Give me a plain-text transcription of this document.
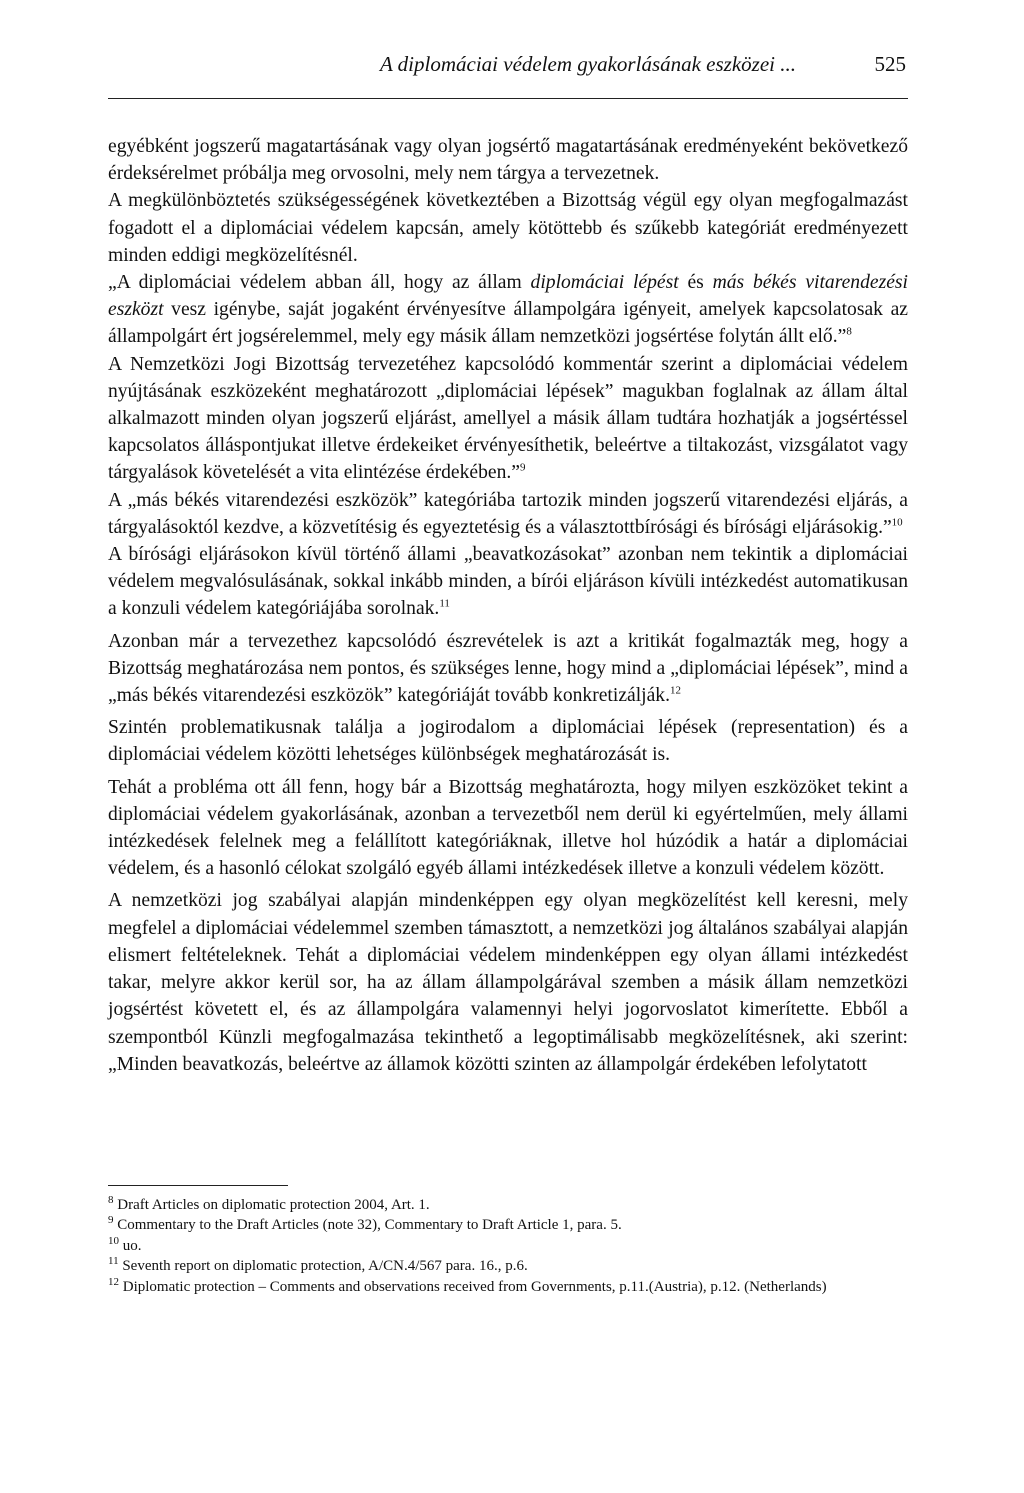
A diplomáciai védelem gyakorlásának eszközei ...	525

egyébként jogszerű magatartásának vagy olyan jogsértő magatartásának eredményeként bekövetkező érdeksérelmet próbálja meg orvosolni, mely nem tárgya a tervezetnek.

A megkülönböztetés szükségességének következtében a Bizottság végül egy olyan megfogalmazást fogadott el a diplomáciai védelem kapcsán, amely kötöttebb és szűkebb kategóriát eredményezett minden eddigi megközelítésnél.

„A diplomáciai védelem abban áll, hogy az állam diplomáciai lépést és más békés vitarendezési eszközt vesz igénybe, saját jogaként érvényesítve állampolgára igényeit, amelyek kapcsolatosak az állampolgárt ért jogsérelemmel, mely egy másik állam nemzetközi jogsértése folytán állt elő.”$^8$

A Nemzetközi Jogi Bizottság tervezetéhez kapcsolódó kommentár szerint a diplomáciai védelem nyújtásának eszközeként meghatározott „diplomáciai lépések” magukban foglalnak az állam által alkalmazott minden olyan jogszerű eljárást, amellyel a másik állam tudtára hozhatják a jogsértéssel kapcsolatos álláspontjukat illetve érdekeiket érvényesíthetik, beleértve a tiltakozást, vizsgálatot vagy tárgyalások követelését a vita elintézése érdekében.”$^9$

A „más békés vitarendezési eszközök” kategóriába tartozik minden jogszerű vitarendezési eljárás, a tárgyalásoktól kezdve, a közvetítésig és egyeztetésig és a választottbírósági és bírósági eljárásokig.”$^{10}$

A bírósági eljárásokon kívül történő állami „beavatkozásokat” azonban nem tekintik a diplomáciai védelem megvalósulásának, sokkal inkább minden, a bírói eljáráson kívüli intézkedést automatikusan a konzuli védelem kategóriájába sorolnak.$^{11}$

Azonban már a tervezethez kapcsolódó észrevételek is azt a kritikát fogalmazták meg, hogy a Bizottság meghatározása nem pontos, és szükséges lenne, hogy mind a „diplomáciai lépések”, mind a „más békés vitarendezési eszközök” kategóriáját tovább konkretizálják.$^{12}$

Szintén problematikusnak találja a jogirodalom a diplomáciai lépések (representation) és a diplomáciai védelem közötti lehetséges különbségek meghatározását is.

Tehát a probléma ott áll fenn, hogy bár a Bizottság meghatározta, hogy milyen eszközöket tekint a diplomáciai védelem gyakorlásának, azonban a tervezetből nem derül ki egyértelműen, mely állami intézkedések felelnek meg a felállított kategóriáknak, illetve hol húzódik a határ a diplomáciai védelem, és a hasonló célokat szolgáló egyéb állami intézkedések illetve a konzuli védelem között.

A nemzetközi jog szabályai alapján mindenképpen egy olyan megközelítést kell keresni, mely megfelel a diplomáciai védelemmel szemben támasztott, a nemzetközi jog általános szabályai alapján elismert feltételeknek. Tehát a diplomáciai védelem mindenképpen egy olyan állami intézkedést takar, melyre akkor kerül sor, ha az állam állampolgárával szemben a másik állam nemzetközi jogsértést követett el, és az állampolgára valamennyi helyi jogorvoslatot kimerítette. Ebből a szempontból Künzli megfogalmazása tekinthető a legoptimálisabb megközelítésnek, aki szerint: „Minden beavatkozás, beleértve az államok közötti szinten az állampolgár érdekében lefolytatott

$^8$ Draft Articles on diplomatic protection 2004, Art. 1.
$^9$ Commentary to the Draft Articles (note 32), Commentary to Draft Article 1, para. 5.
$^{10}$ uo.
$^{11}$ Seventh report on diplomatic protection, A/CN.4/567 para. 16., p.6.
$^{12}$ Diplomatic protection – Comments and observations received from Governments, p.11.(Austria), p.12. (Netherlands)
